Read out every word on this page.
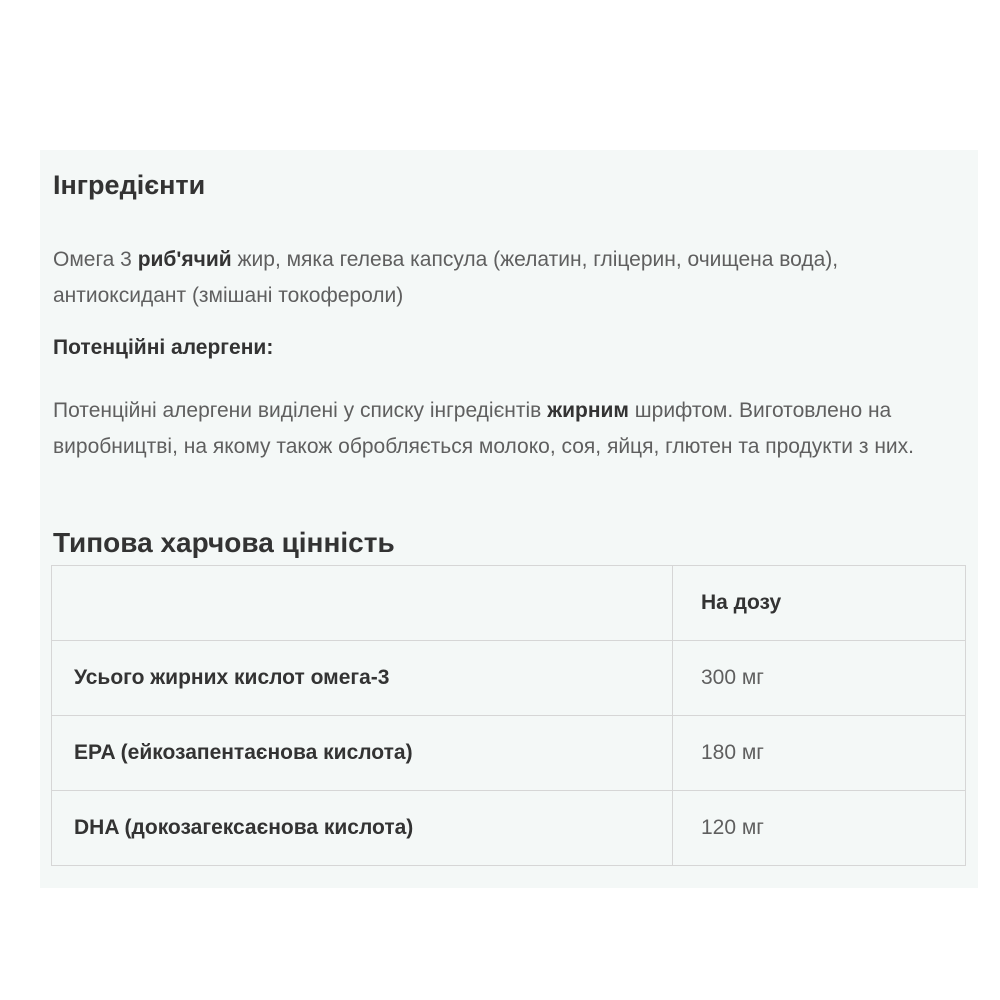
Інгредієнти

Омега 3 риб'ячий жир, мяка гелева капсула (желатин, гліцерин, очищена вода), антиоксидант (змішані токофероли)

Потенційні алергени:

Потенційні алергени виділені у списку інгредієнтів жирним шрифтом. Виготовлено на виробництві, на якому також обробляється молоко, соя, яйця, глютен та продукти з них.

Типова харчова цінність
	На дозу
Усього жирних кислот омега-3	300 мг
EPA (ейкозапентаєнова кислота)	180 мг
DHA (докозагексаєнова кислота)	120 мг
